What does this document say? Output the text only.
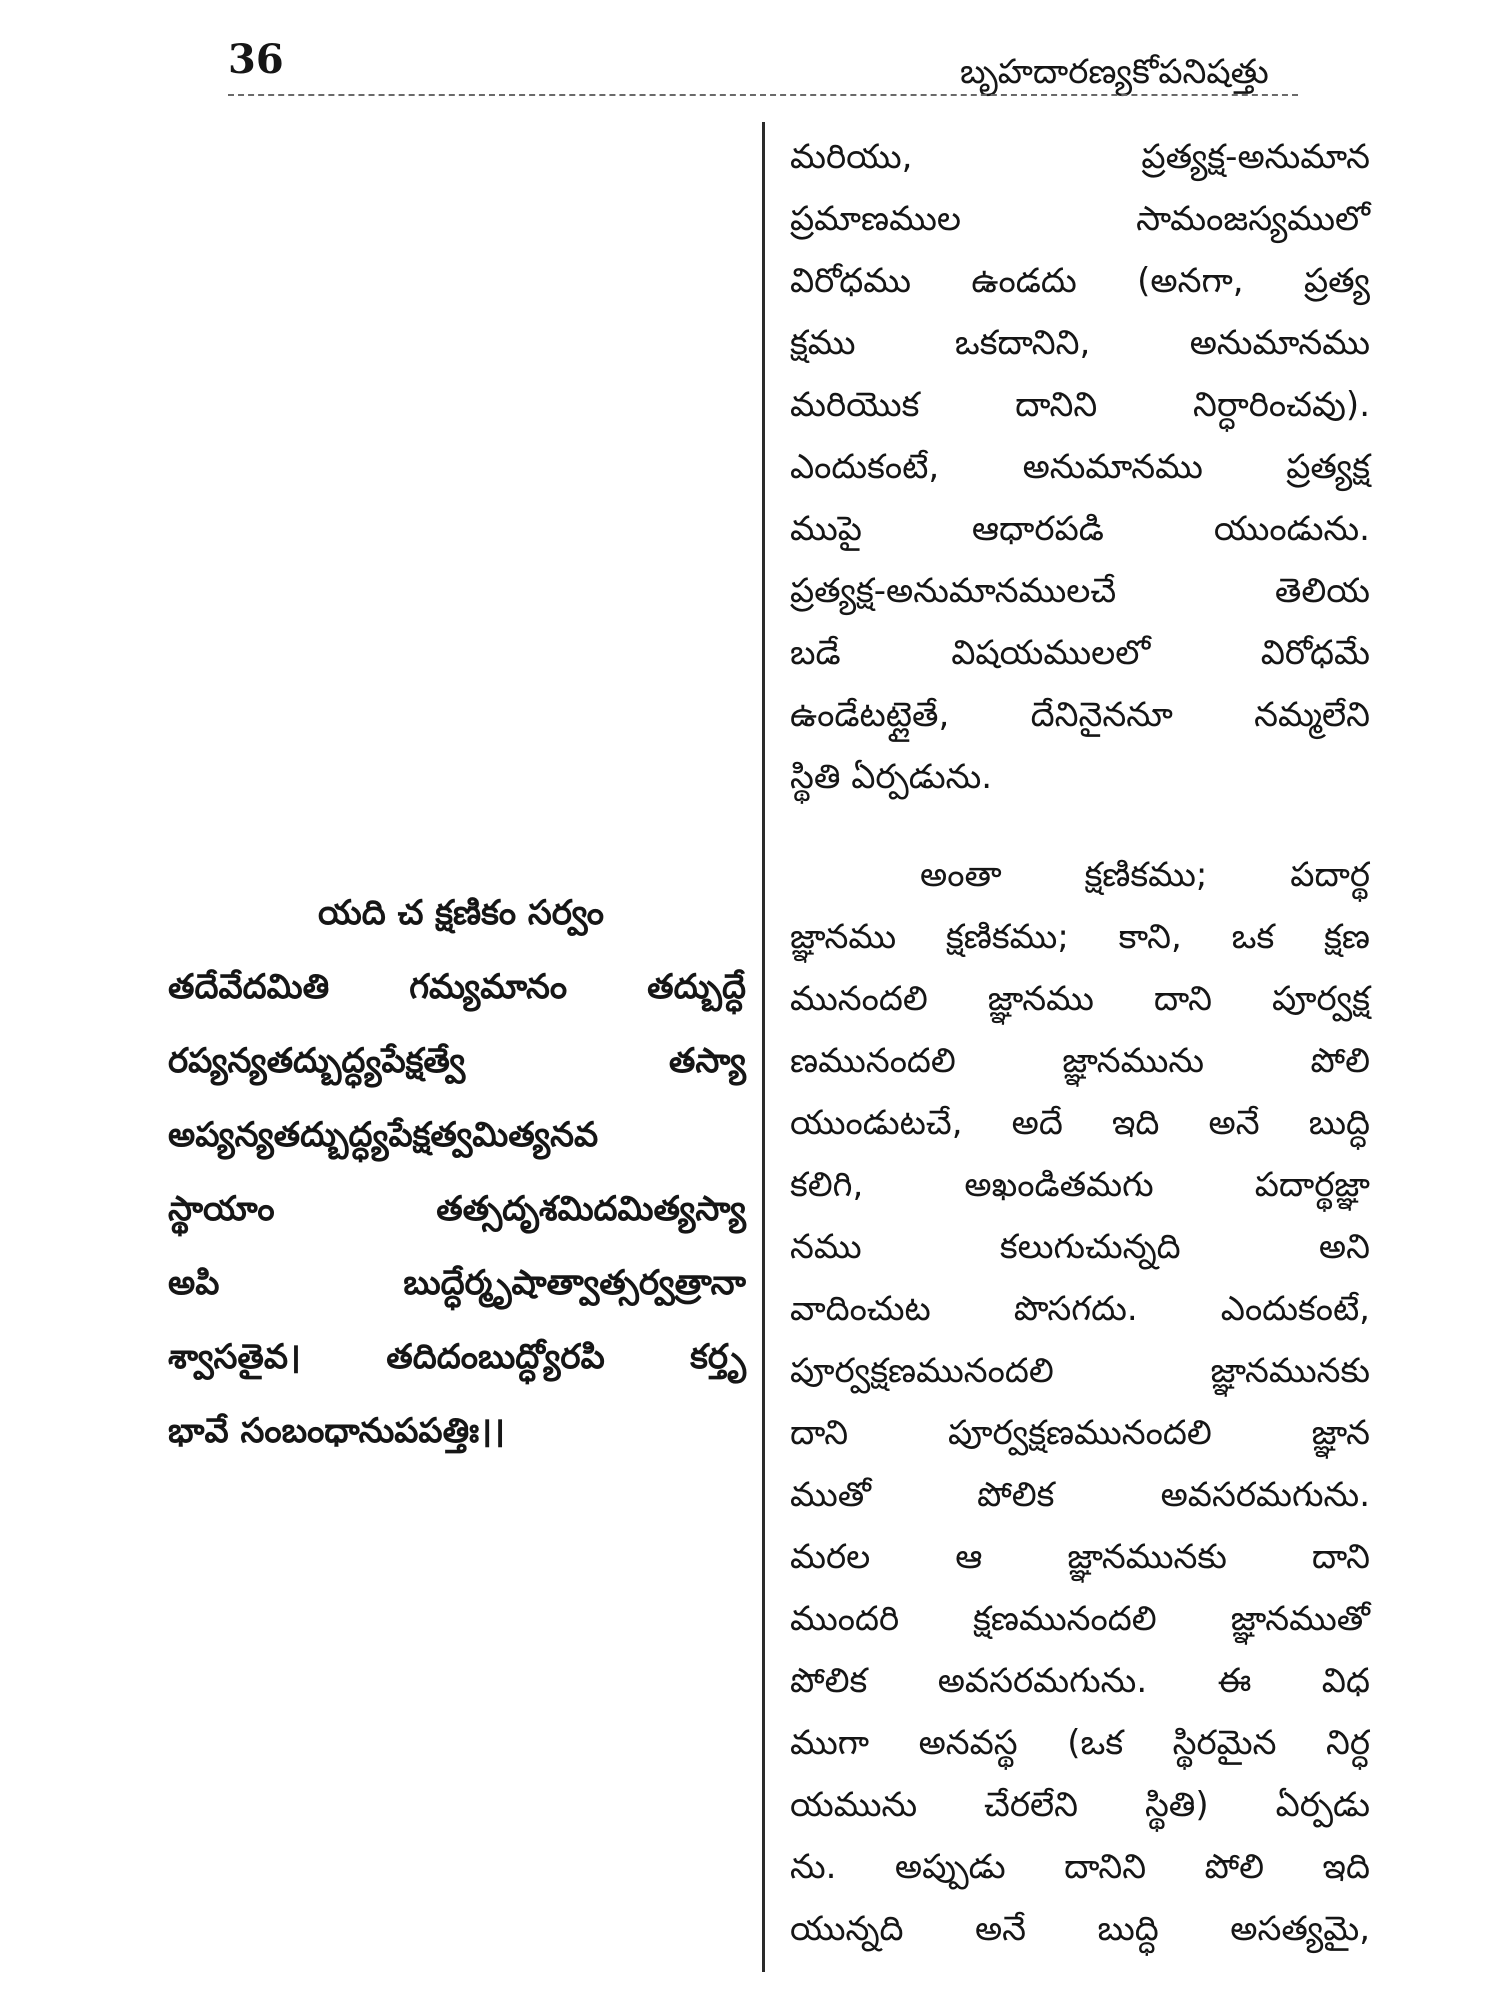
36	బృహదారణ్యకోపనిషత్తు
యది చ క్షణికం సర్వం
తదేవేదమితి గమ్యమానం తద్బుద్ధే
రప్యన్యతద్బుద్ధ్యపేక్షత్వే తస్యా
అప్యన్యతద్బుద్ధ్యపేక్షత్వమిత్యనవ
స్థాయాం తత్సదృశమిదమిత్యస్యా
అపి బుద్ధేర్మృషాత్వాత్సర్వత్రానా
శ్వాసతైవ। తదిదంబుద్ధ్యోరపి కర్తృ
భావే సంబంధానుపపత్తిః।।
మరియు, ప్రత్యక్ష-అనుమాన
ప్రమాణముల సామంజస్యములో
విరోధము ఉండదు (అనగా, ప్రత్య
క్షము ఒకదానిని, అనుమానము
మరియొక దానిని నిర్ధారించవు).
ఎందుకంటే, అనుమానము ప్రత్యక్ష
ముపై ఆధారపడి యుండును.
ప్రత్యక్ష-అనుమానములచే తెలియ
బడే విషయములలో విరోధమే
ఉండేటట్లైతే, దేనినైననూ నమ్మలేని
స్థితి ఏర్పడును.
అంతా క్షణికము; పదార్థ
జ్ఞానము క్షణికము; కాని, ఒక క్షణ
మునందలి జ్ఞానము దాని పూర్వక్ష
ణమునందలి జ్ఞానమును పోలి
యుండుటచే, అదే ఇది అనే బుద్ధి
కలిగి, అఖండితమగు పదార్థజ్ఞా
నము కలుగుచున్నది అని
వాదించుట పొసగదు. ఎందుకంటే,
పూర్వక్షణమునందలి జ్ఞానమునకు
దాని పూర్వక్షణమునందలి జ్ఞాన
ముతో పోలిక అవసరమగును.
మరల ఆ జ్ఞానమునకు దాని
ముందరి క్షణమునందలి జ్ఞానముతో
పోలిక అవసరమగును. ఈ విధ
ముగా అనవస్థ (ఒక స్థిరమైన నిర్ధ
యమును చేరలేని స్థితి) ఏర్పడు
ను. అప్పుడు దానిని పోలి ఇది
యున్నది అనే బుద్ధి అసత్యమై,
